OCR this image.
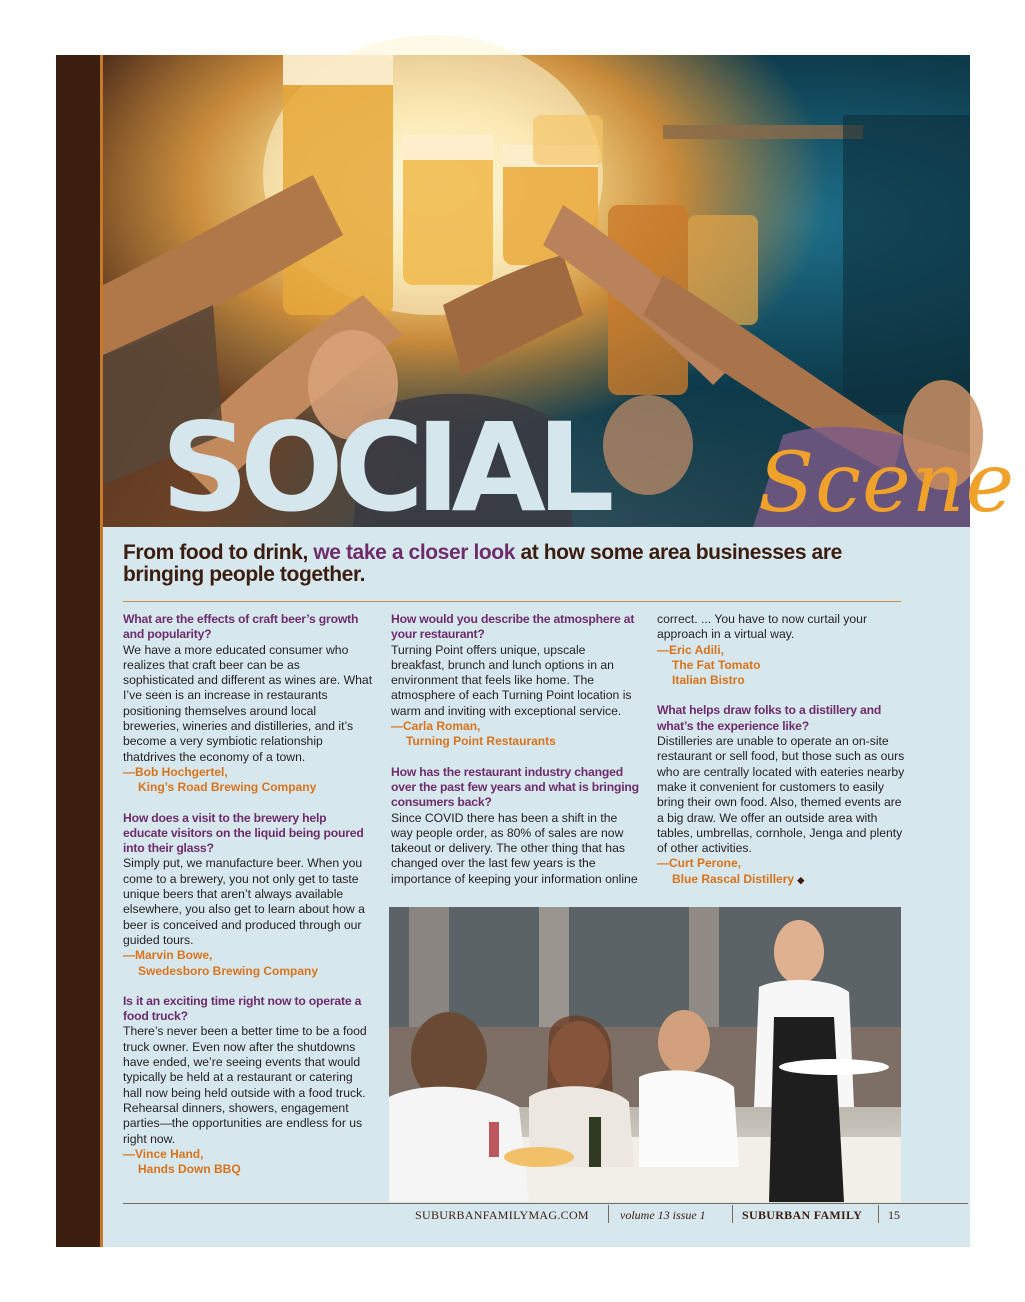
SOCIAL Scene
From food to drink, we take a closer look at how some area businesses are bringing people together.
What are the effects of craft beer’s growth and popularity?

We have a more educated consumer who realizes that craft beer can be as sophisticated and different as wines are. What I’ve seen is an increase in restaurants positioning themselves around local breweries, wineries and distilleries, and it’s become a very symbiotic relationship thatdrives the economy of a town.

—Bob Hochgertel,
King’s Road Brewing Company

How does a visit to the brewery help educate visitors on the liquid being poured into their glass?

Simply put, we manufacture beer. When you come to a brewery, you not only get to taste unique beers that aren’t always available elsewhere, you also get to learn about how a beer is conceived and produced through our guided tours.

—Marvin Bowe,
Swedesboro Brewing Company

Is it an exciting time right now to operate a food truck?

There’s never been a better time to be a food truck owner. Even now after the shutdowns have ended, we’re seeing events that would typically be held at a restaurant or catering hall now being held outside with a food truck. Rehearsal dinners, showers, engagement parties—the opportunities are endless for us right now.

—Vince Hand,
Hands Down BBQ

How would you describe the atmosphere at your restaurant?

Turning Point offers unique, upscale breakfast, brunch and lunch options in an environment that feels like home. The atmosphere of each Turning Point location is warm and inviting with exceptional service.

—Carla Roman,
Turning Point Restaurants

How has the restaurant industry changed over the past few years and what is bringing consumers back?

Since COVID there has been a shift in the way people order, as 80% of sales are now takeout or delivery. The other thing that has changed over the last few years is the importance of keeping your information online

correct. ... You have to now curtail your approach in a virtual way.

—Eric Adili,
The Fat Tomato
Italian Bistro

What helps draw folks to a distillery and what’s the experience like?

Distilleries are unable to operate an on-site restaurant or sell food, but those such as ours who are centrally located with eateries nearby make it convenient for customers to easily bring their own food. Also, themed events are a big draw. We offer an outside area with tables, umbrellas, cornhole, Jenga and plenty of other activities.

—Curt Perone,
Blue Rascal Distillery ◆

SUBURBANFAMILYMAG.COM	volume 13 issue 1	SUBURBAN FAMILY 15
